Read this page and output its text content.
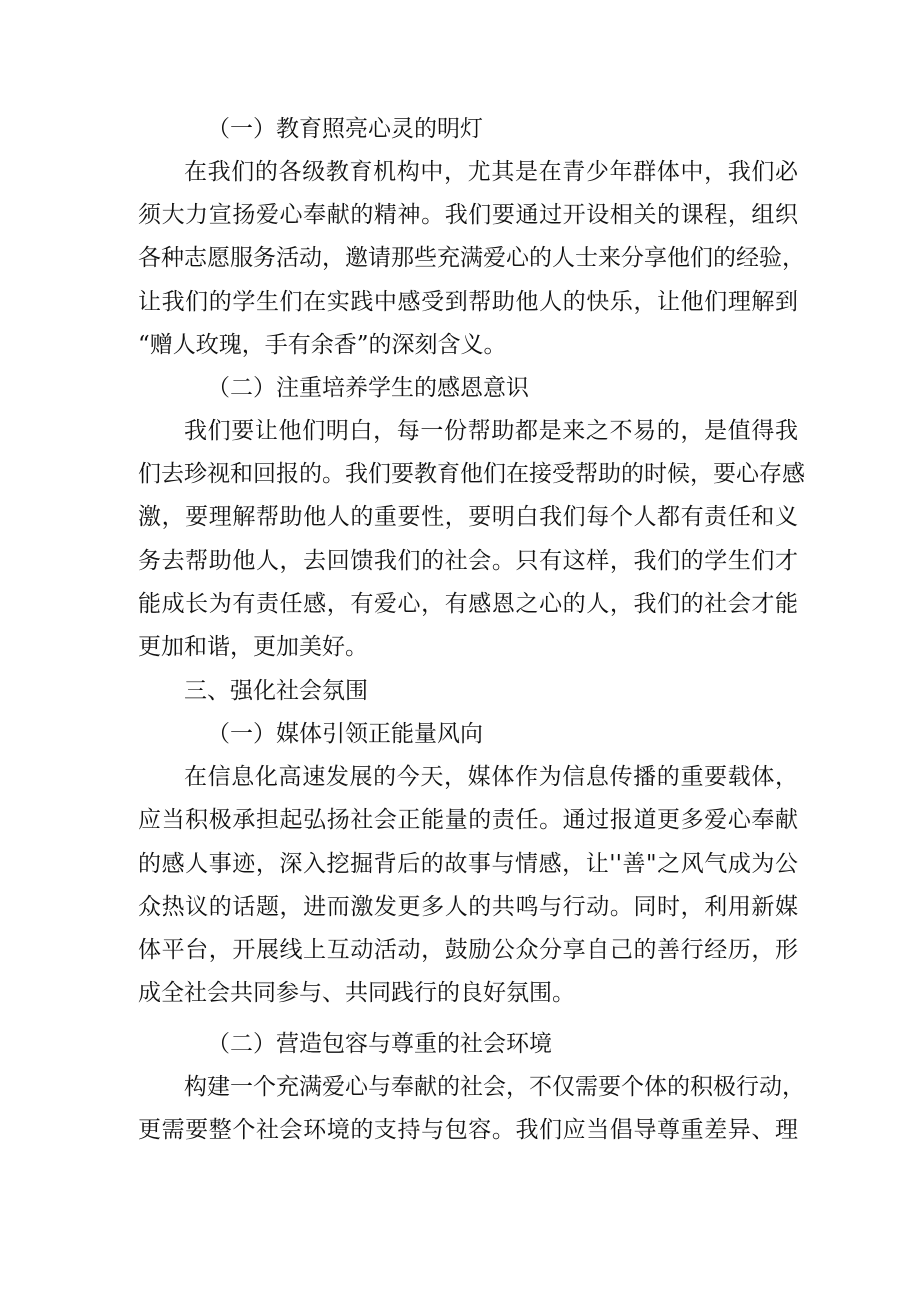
（一）教育照亮心灵的明灯
在我们的各级教育机构中，尤其是在青少年群体中，我们必
须大力宣扬爱心奉献的精神。我们要通过开设相关的课程，组织
各种志愿服务活动，邀请那些充满爱心的人士来分享他们的经验，
让我们的学生们在实践中感受到帮助他人的快乐，让他们理解到
“赠人玫瑰，手有余香”的深刻含义。
（二）注重培养学生的感恩意识
我们要让他们明白，每一份帮助都是来之不易的，是值得我
们去珍视和回报的。我们要教育他们在接受帮助的时候，要心存感
激，要理解帮助他人的重要性，要明白我们每个人都有责任和义
务去帮助他人，去回馈我们的社会。只有这样，我们的学生们才
能成长为有责任感，有爱心，有感恩之心的人，我们的社会才能
更加和谐，更加美好。
三、强化社会氛围
（一）媒体引领正能量风向
在信息化高速发展的今天，媒体作为信息传播的重要载体，
应当积极承担起弘扬社会正能量的责任。通过报道更多爱心奉献
的感人事迹，深入挖掘背后的故事与情感，让''善"之风气成为公
众热议的话题，进而激发更多人的共鸣与行动。同时，利用新媒
体平台，开展线上互动活动，鼓励公众分享自己的善行经历，形
成全社会共同参与、共同践行的良好氛围。
（二）营造包容与尊重的社会环境
构建一个充满爱心与奉献的社会，不仅需要个体的积极行动，
更需要整个社会环境的支持与包容。我们应当倡导尊重差异、理
